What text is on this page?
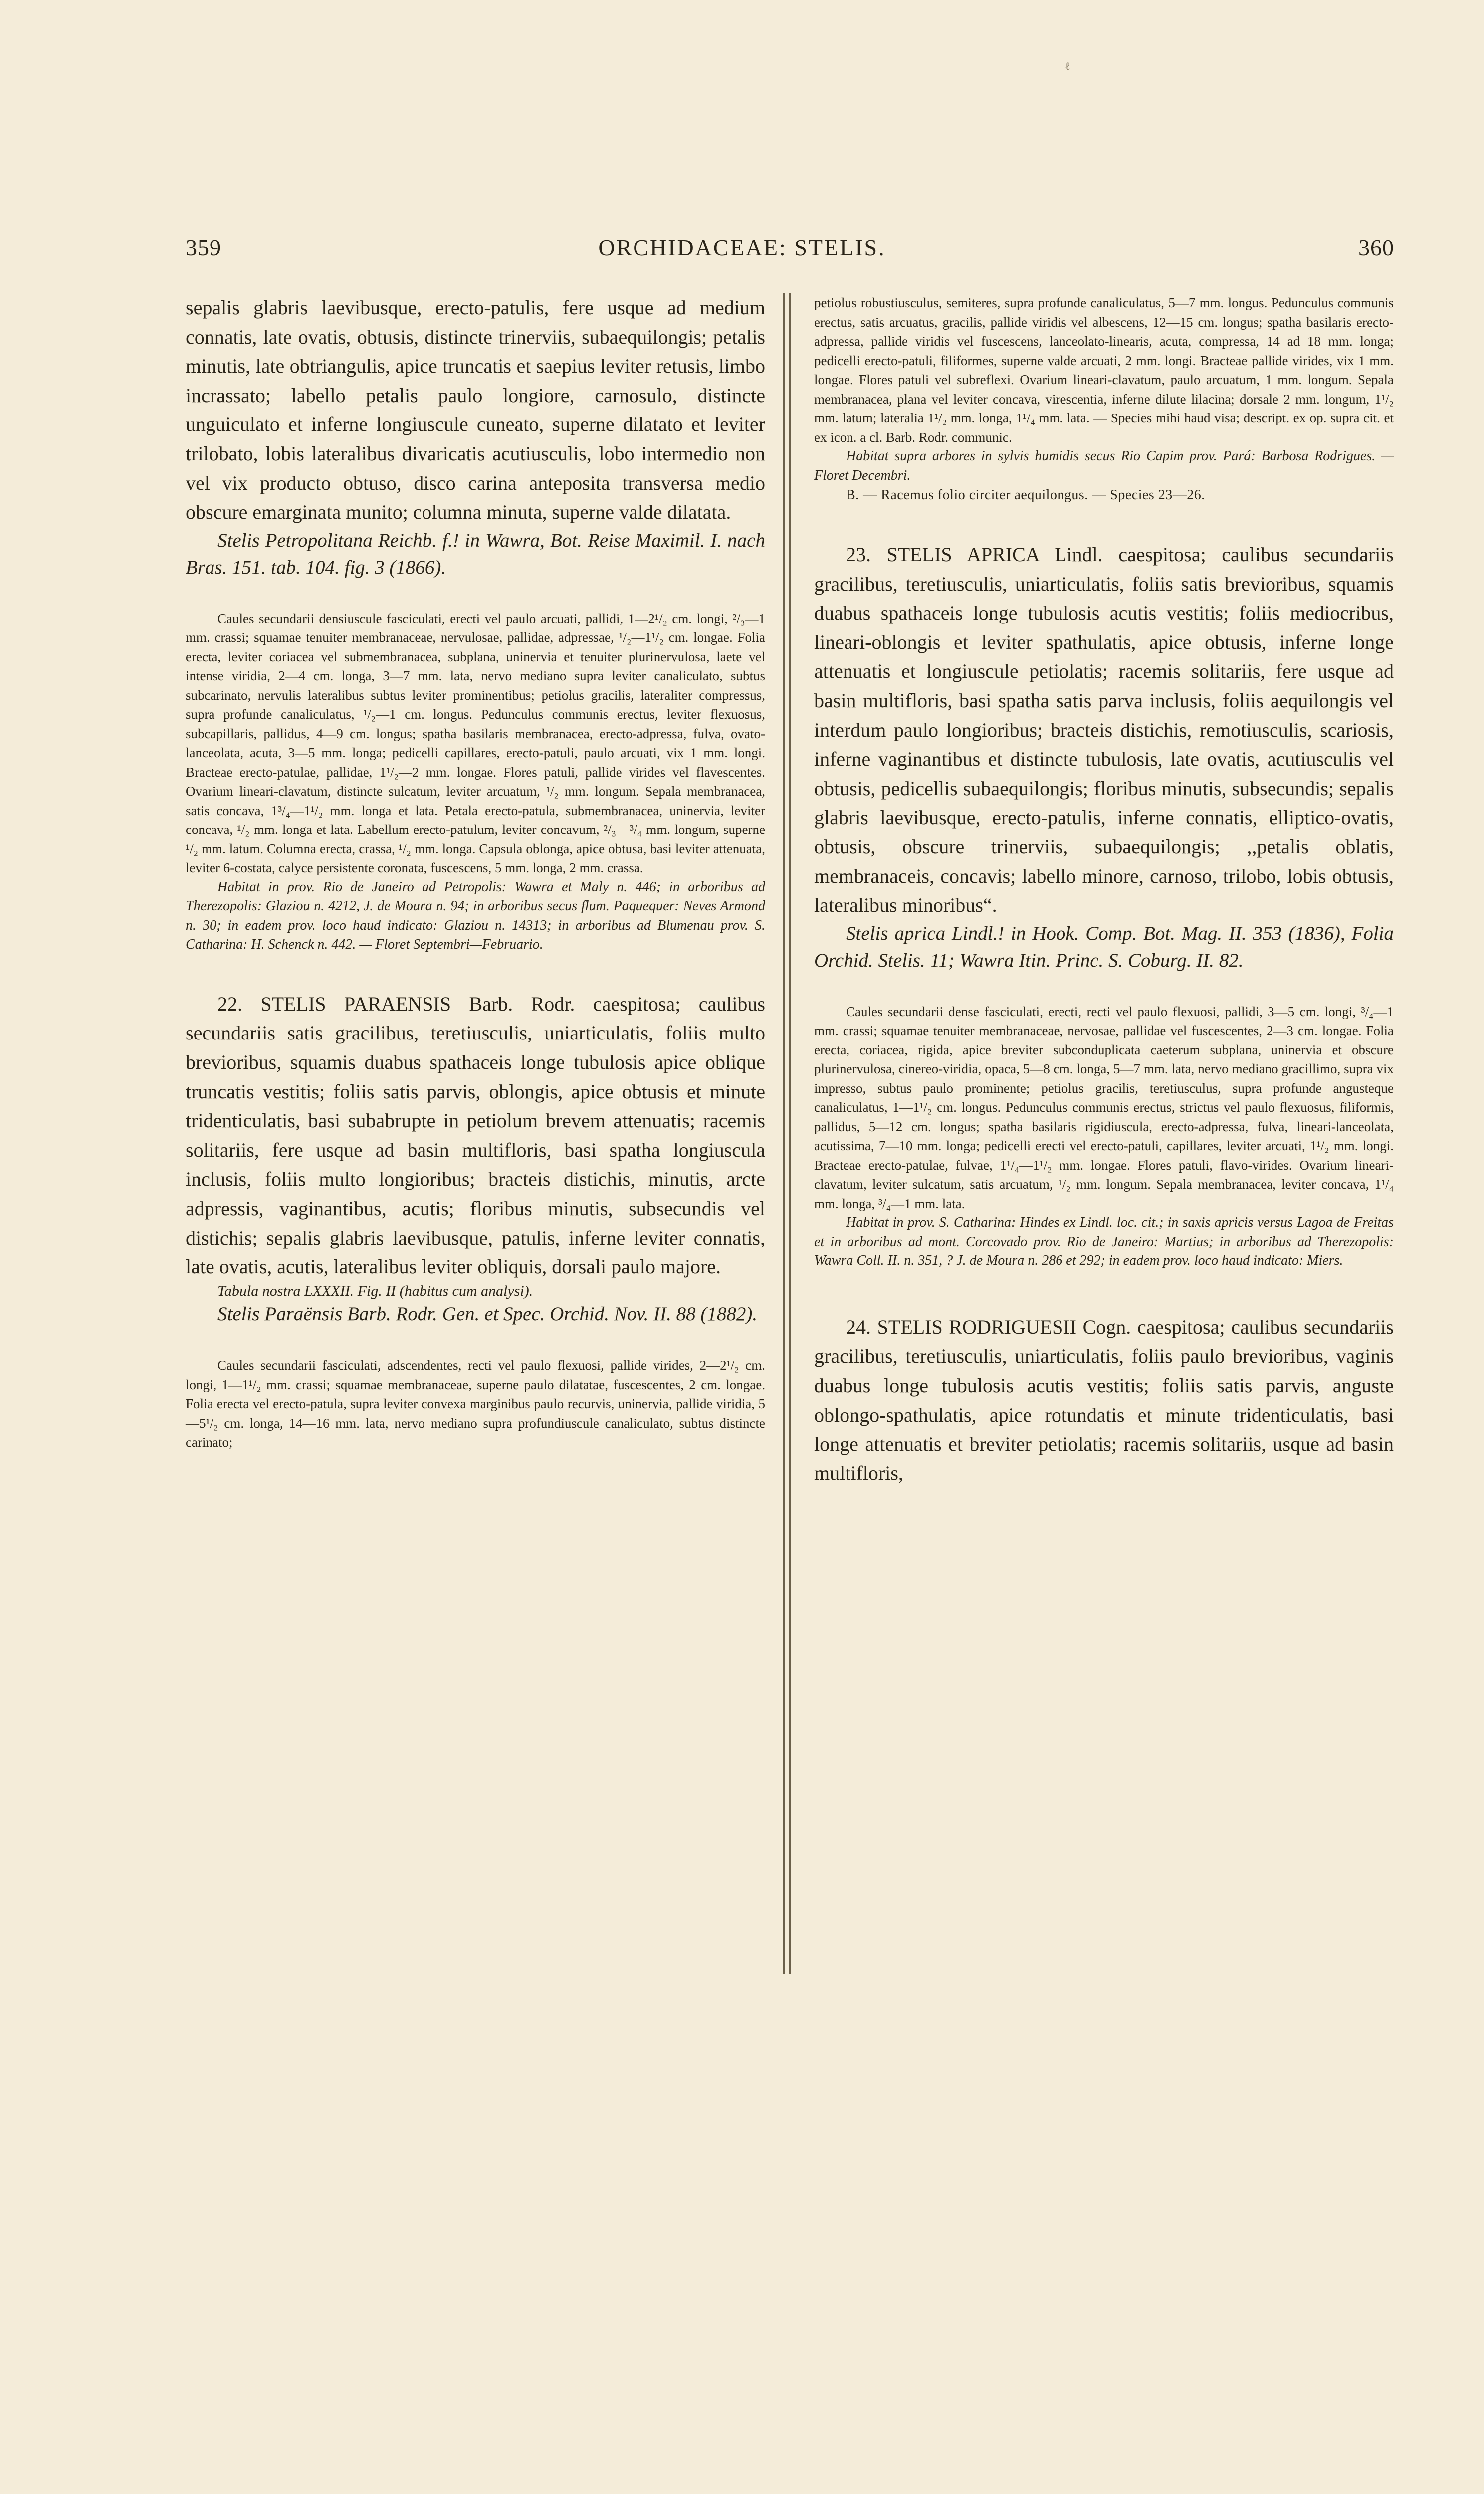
ℓ
359	ORCHIDACEAE: STELIS.	360

sepalis glabris laevibusque, erecto-patulis, fere usque ad medium connatis, late ovatis, obtusis, distincte trinerviis, subaequilongis; petalis minutis, late obtriangulis, apice truncatis et saepius leviter retusis, limbo incrassato; labello petalis paulo longiore, carnosulo, distincte unguiculato et inferne longiuscule cuneato, superne dilatato et leviter trilobato, lobis lateralibus divaricatis acutiusculis, lobo intermedio non vel vix producto obtuso, disco carina anteposita transversa medio obscure emarginata munito; columna minuta, superne valde dilatata.

Stelis Petropolitana Reichb. f.! in Wawra, Bot. Reise Maximil. I. nach Bras. 151. tab. 104. fig. 3 (1866).

Caules secundarii densiuscule fasciculati, erecti vel paulo arcuati, pallidi, 1—2¹/₂ cm. longi, ²/₃—1 mm. crassi; squamae tenuiter membranaceae, nervulosae, pallidae, adpressae, ¹/₂—1¹/₂ cm. longae. Folia erecta, leviter coriacea vel submembranacea, subplana, uninervia et tenuiter plurinervulosa, laete vel intense viridia, 2—4 cm. longa, 3—7 mm. lata, nervo mediano supra leviter canaliculato, subtus subcarinato, nervulis lateralibus subtus leviter prominentibus; petiolus gracilis, lateraliter compressus, supra profunde canaliculatus, ¹/₂—1 cm. longus. Pedunculus communis erectus, leviter flexuosus, subcapillaris, pallidus, 4—9 cm. longus; spatha basilaris membranacea, erecto-adpressa, fulva, ovato-lanceolata, acuta, 3—5 mm. longa; pedicelli capillares, erecto-patuli, paulo arcuati, vix 1 mm. longi. Bracteae erecto-patulae, pallidae, 1¹/₂—2 mm. longae. Flores patuli, pallide virides vel flavescentes. Ovarium lineari-clavatum, distincte sulcatum, leviter arcuatum, ¹/₂ mm. longum. Sepala membranacea, satis concava, 1³/₄—1¹/₂ mm. longa et lata. Petala erecto-patula, submembranacea, uninervia, leviter concava, ¹/₂ mm. longa et lata. Labellum erecto-patulum, leviter concavum, ²/₃—³/₄ mm. longum, superne ¹/₂ mm. latum. Columna erecta, crassa, ¹/₂ mm. longa. Capsula oblonga, apice obtusa, basi leviter attenuata, leviter 6-costata, calyce persistente coronata, fuscescens, 5 mm. longa, 2 mm. crassa.

Habitat in prov. Rio de Janeiro ad Petropolis: Wawra et Maly n. 446; in arboribus ad Therezopolis: Glaziou n. 4212, J. de Moura n. 94; in arboribus secus flum. Paquequer: Neves Armond n. 30; in eadem prov. loco haud indicato: Glaziou n. 14313; in arboribus ad Blumenau prov. S. Catharina: H. Schenck n. 442. — Floret Septembri—Februario.

22. STELIS PARAENSIS Barb. Rodr. caespitosa; caulibus secundariis satis gracilibus, teretiusculis, uniarticulatis, foliis multo brevioribus, squamis duabus spathaceis longe tubulosis apice oblique truncatis vestitis; foliis satis parvis, oblongis, apice obtusis et minute tridenticulatis, basi subabrupte in petiolum brevem attenuatis; racemis solitariis, fere usque ad basin multifloris, basi spatha longiuscula inclusis, foliis multo longioribus; bracteis distichis, minutis, arcte adpressis, vaginantibus, acutis; floribus minutis, subsecundis vel distichis; sepalis glabris laevibusque, patulis, inferne leviter connatis, late ovatis, acutis, lateralibus leviter obliquis, dorsali paulo majore.

Tabula nostra LXXXII. Fig. II (habitus cum analysi).

Stelis Paraënsis Barb. Rodr. Gen. et Spec. Orchid. Nov. II. 88 (1882).

Caules secundarii fasciculati, adscendentes, recti vel paulo flexuosi, pallide virides, 2—2¹/₂ cm. longi, 1—1¹/₂ mm. crassi; squamae membranaceae, superne paulo dilatatae, fuscescentes, 2 cm. longae. Folia erecta vel erecto-patula, supra leviter convexa marginibus paulo recurvis, uninervia, pallide viridia, 5—5¹/₂ cm. longa, 14—16 mm. lata, nervo mediano supra profundiuscule canaliculato, subtus distincte carinato;

petiolus robustiusculus, semiteres, supra profunde canaliculatus, 5—7 mm. longus. Pedunculus communis erectus, satis arcuatus, gracilis, pallide viridis vel albescens, 12—15 cm. longus; spatha basilaris erecto-adpressa, pallide viridis vel fuscescens, lanceolato-linearis, acuta, compressa, 14 ad 18 mm. longa; pedicelli erecto-patuli, filiformes, superne valde arcuati, 2 mm. longi. Bracteae pallide virides, vix 1 mm. longae. Flores patuli vel subreflexi. Ovarium lineari-clavatum, paulo arcuatum, 1 mm. longum. Sepala membranacea, plana vel leviter concava, virescentia, inferne dilute lilacina; dorsale 2 mm. longum, 1¹/₂ mm. latum; lateralia 1¹/₂ mm. longa, 1¹/₄ mm. lata. — Species mihi haud visa; descript. ex op. supra cit. et ex icon. a cl. Barb. Rodr. communic.

Habitat supra arbores in sylvis humidis secus Rio Capim prov. Pará: Barbosa Rodrigues. — Floret Decembri.

B. — Racemus folio circiter aequilongus. — Species 23—26.

23. STELIS APRICA Lindl. caespitosa; caulibus secundariis gracilibus, teretiusculis, uniarticulatis, foliis satis brevioribus, squamis duabus spathaceis longe tubulosis acutis vestitis; foliis mediocribus, lineari-oblongis et leviter spathulatis, apice obtusis, inferne longe attenuatis et longiuscule petiolatis; racemis solitariis, fere usque ad basin multifloris, basi spatha satis parva inclusis, foliis aequilongis vel interdum paulo longioribus; bracteis distichis, remotiusculis, scariosis, inferne vaginantibus et distincte tubulosis, late ovatis, acutiusculis vel obtusis, pedicellis subaequilongis; floribus minutis, subsecundis; sepalis glabris laevibusque, erecto-patulis, inferne connatis, elliptico-ovatis, obtusis, obscure trinerviis, subaequilongis; ,,petalis oblatis, membranaceis, concavis; labello minore, carnoso, trilobo, lobis obtusis, lateralibus minoribus“.

Stelis aprica Lindl.! in Hook. Comp. Bot. Mag. II. 353 (1836), Folia Orchid. Stelis. 11; Wawra Itin. Princ. S. Coburg. II. 82.

Caules secundarii dense fasciculati, erecti, recti vel paulo flexuosi, pallidi, 3—5 cm. longi, ³/₄—1 mm. crassi; squamae tenuiter membranaceae, nervosae, pallidae vel fuscescentes, 2—3 cm. longae. Folia erecta, coriacea, rigida, apice breviter subconduplicata caeterum subplana, uninervia et obscure plurinervulosa, cinereo-viridia, opaca, 5—8 cm. longa, 5—7 mm. lata, nervo mediano gracillimo, supra vix impresso, subtus paulo prominente; petiolus gracilis, teretiusculus, supra profunde angusteque canaliculatus, 1—1¹/₂ cm. longus. Pedunculus communis erectus, strictus vel paulo flexuosus, filiformis, pallidus, 5—12 cm. longus; spatha basilaris rigidiuscula, erecto-adpressa, fulva, lineari-lanceolata, acutissima, 7—10 mm. longa; pedicelli erecti vel erecto-patuli, capillares, leviter arcuati, 1¹/₂ mm. longi. Bracteae erecto-patulae, fulvae, 1¹/₄—1¹/₂ mm. longae. Flores patuli, flavo-virides. Ovarium lineari-clavatum, leviter sulcatum, satis arcuatum, ¹/₂ mm. longum. Sepala membranacea, leviter concava, 1¹/₄ mm. longa, ³/₄—1 mm. lata.

Habitat in prov. S. Catharina: Hindes ex Lindl. loc. cit.; in saxis apricis versus Lagoa de Freitas et in arboribus ad mont. Corcovado prov. Rio de Janeiro: Martius; in arboribus ad Therezopolis: Wawra Coll. II. n. 351, ? J. de Moura n. 286 et 292; in eadem prov. loco haud indicato: Miers.

24. STELIS RODRIGUESII Cogn. caespitosa; caulibus secundariis gracilibus, teretiusculis, uniarticulatis, foliis paulo brevioribus, vaginis duabus longe tubulosis acutis vestitis; foliis satis parvis, anguste oblongo-spathulatis, apice rotundatis et minute tridenticulatis, basi longe attenuatis et breviter petiolatis; racemis solitariis, usque ad basin multifloris,
